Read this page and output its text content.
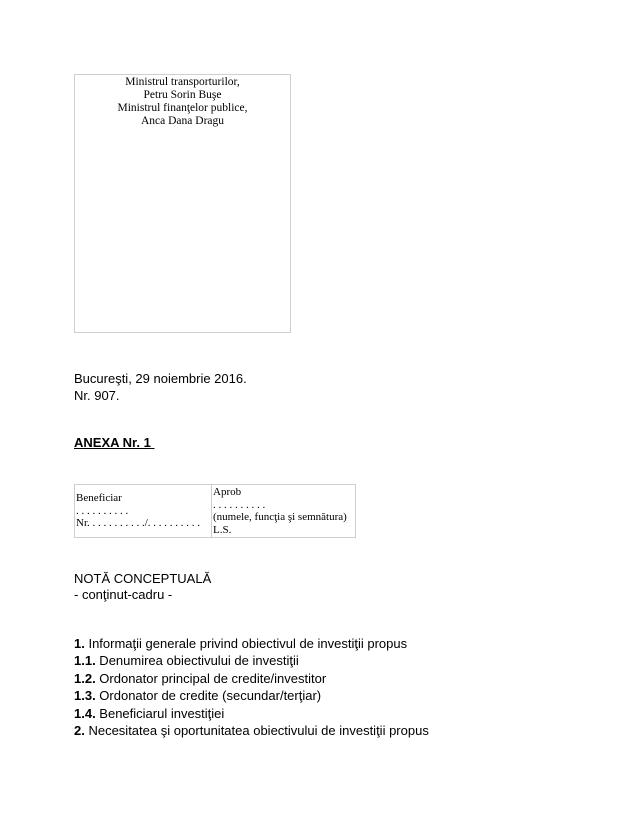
Ministrul transporturilor,
Petru Sorin Buşe
Ministrul finanţelor publice,
Anca Dana Dragu
Bucureşti, 29 noiembrie 2016.
Nr. 907.
ANEXA Nr. 1
Beneficiar
. . . . . . . . . .
Nr. . . . . . . . . . ./. . . . . . . . . .

Aprob
. . . . . . . . . .
(numele, funcţia şi semnătura)
L.S.
NOTĂ CONCEPTUALĂ
- conţinut-cadru -
1. Informaţii generale privind obiectivul de investiţii propus
1.1. Denumirea obiectivului de investiţii
1.2. Ordonator principal de credite/investitor
1.3. Ordonator de credite (secundar/terţiar)
1.4. Beneficiarul investiţiei
2. Necesitatea şi oportunitatea obiectivului de investiţii propus
